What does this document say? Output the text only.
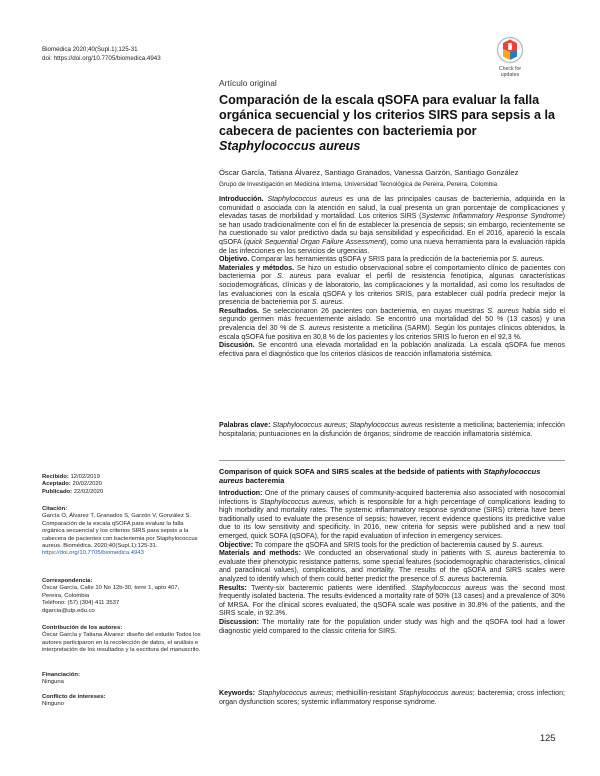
Biomédica 2020;40(Supl.1):125-31
doi: https://doi.org/10.7705/biomedica.4943
Check for
updates
Artículo original
Comparación de la escala qSOFA para evaluar la falla orgánica secuencial y los criterios SIRS para sepsis a la cabecera de pacientes con bacteriemia por Staphylococcus aureus
Óscar García, Tatiana Álvarez, Santiago Granados, Vanessa Garzón, Santiago González
Grupo de Investigación en Medicina Interna, Universidad Tecnológica de Pereira, Pereira, Colombia

Introducción. Staphylococcus aureus es una de las principales causas de bacteriemia, adquirida en la comunidad o asociada con la atención en salud, la cual presenta un gran porcentaje de complicaciones y elevadas tasas de morbilidad y mortalidad. Los criterios SIRS (Systemic Inflammatory Response Syndrome) se han usado tradicionalmente con el fin de establecer la presencia de sepsis; sin embargo, recientemente se ha cuestionado su valor predictivo dada su baja sensibilidad y especificidad. En el 2016, apareció la escala qSOFA (quick Sequential Organ Failure Assessment), como una nueva herramienta para la evaluación rápida de las infecciones en los servicios de urgencias.
Objetivo. Comparar las herramientas qSOFA y SRIS para la predicción de la bacteriemia por S. aureus.
Materiales y métodos. Se hizo un estudio observacional sobre el comportamiento clínico de pacientes con bacteriemia por S. aureus para evaluar el perfil de resistencia fenotípica, algunas características sociodemográficas, clínicas y de laboratorio, las complicaciones y la mortalidad, así como los resultados de las evaluaciones con la escala qSOFA y los criterios SRIS, para establecer cuál podría predecir mejor la presencia de bacteriemia por S. aureus.
Resultados. Se seleccionaron 26 pacientes con bacteriemia, en cuyas muestras S. aureus había sido el segundo germen más frecuentemente aislado. Se encontró una mortalidad del 50 % (13 casos) y una prevalencia del 30 % de S. aureus resistente a meticilina (SARM). Según los puntajes clínicos obtenidos, la escala qSOFA fue positiva en 30,8 % de los pacientes y los criterios SRIS lo fueron en el 92,3 %.
Discusión. Se encontró una elevada mortalidad en la población analizada. La escala qSOFA fue menos efectiva para el diagnóstico que los criterios clásicos de reacción inflamatoria sistémica.

Palabras clave: Staphylococcus aureus; Staphylococcus aureus resistente a meticilina; bacteriemia; infección hospitalaria; puntuaciones en la disfunción de órganos; síndrome de reacción inflamatoria sistémica.

Comparison of quick SOFA and SIRS scales at the bedside of patients with Staphylococcus aureus bacteremia

Introduction: One of the primary causes of community-acquired bacteremia also associated with nosocomial infections is Staphylococcus aureus, which is responsible for a high percentage of complications leading to high morbidity and mortality rates. The systemic inflammatory response syndrome (SIRS) criteria have been traditionally used to evaluate the presence of sepsis; however, recent evidence questions its predictive value due to its low sensitivity and specificity. In 2016, new criteria for sepsis were published and a new tool emerged, quick SOFA (qSOFA), for the rapid evaluation of infection in emergency services.
Objective: To compare the qSOFA and SRIS tools for the prediction of bacteremia caused by S. aureus.
Materials and methods: We conducted an observational study in patients with S. aureus bacteremia to evaluate their phenotypic resistance patterns, some special features (sociodemographic characteristics, clinical and paraclinical values), complications, and mortality. The results of the qSOFA and SIRS scales were analyzed to identify which of them could better predict the presence of S. aureus bacteremia.
Results: Twenty-six bacteremic patients were identified. Staphylococcus aureus was the second most frequently isolated bacteria. The results evidenced a mortality rate of 50% (13 cases) and a prevalence of 30% of MRSA. For the clinical scores evaluated, the qSOFA scale was positive in 30.8% of the patients, and the SIRS scale, in 92.3%.
Discussion: The mortality rate for the population under study was high and the qSOFA tool had a lower diagnostic yield compared to the classic criteria for SIRS.

Keywords: Staphylococcus aureus; methicillin-resistant Staphylococcus aureus; bacteremia; cross infection; organ dysfunction scores; systemic inflammatory response syndrome.

Recibido: 12/02/2019
Aceptado: 20/02/2020
Publicado: 22/02/2020
Citación:
García O, Álvarez T, Granados S, Garzón V, González S. Comparación de la escala qSOFA para evaluar la falla orgánica secuencial y los criterios SIRS para sepsis a la cabecera de pacientes con bacteriemia por Staphylococcus aureus. Biomédica. 2020;40(Supl.1):125-31.
https://doi.org/10.7705/biomedica.4943
Correspondencia:
Óscar García, Calle 10 No 12b-30, torre 1, apto 407,
Pereira, Colombia
Teléfono: (57) (304) 411 3537
dgarcia@utp.edu.co
Contribución de los autores:
Óscar García y Tatiana Álvarez: diseño del estudio Todos los autores participaron en la recolección de datos, el análisis e interpretación de los resultados y la escritura del manuscrito.
Financiación:
Ninguna
Conflicto de intereses:
Ninguno
125
